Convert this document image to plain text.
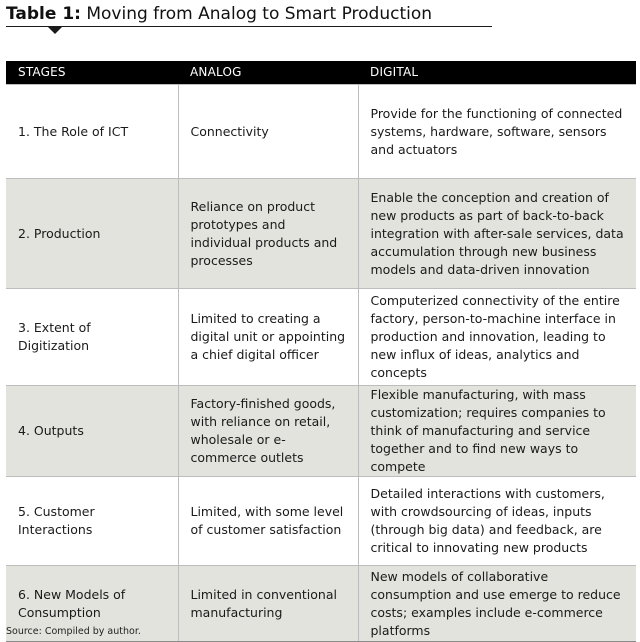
Table 1: Moving from Analog to Smart Production
STAGES	ANALOG	DIGITAL
1. The Role of ICT	Connectivity	Provide for the functioning of connected systems, hardware, software, sensors and actuators
2. Production	Reliance on product prototypes and individual products and processes	Enable the conception and creation of new products as part of back-to-back integration with after-sale services, data accumulation through new business models and data-driven innovation
3. Extent of Digitization	Limited to creating a digital unit or appointing a chief digital officer	Computerized connectivity of the entire factory, person-to-machine interface in production and innovation, leading to new influx of ideas, analytics and concepts
4. Outputs	Factory-finished goods, with reliance on retail, wholesale or e-commerce outlets	Flexible manufacturing, with mass customization; requires companies to think of manufacturing and service together and to find new ways to compete
5. Customer Interactions	Limited, with some level of customer satisfaction	Detailed interactions with customers, with crowdsourcing of ideas, inputs (through big data) and feedback, are critical to innovating new products
6. New Models of Consumption	Limited in conventional manufacturing	New models of collaborative consumption and use emerge to reduce costs; examples include e-commerce platforms
Source: Compiled by author.
